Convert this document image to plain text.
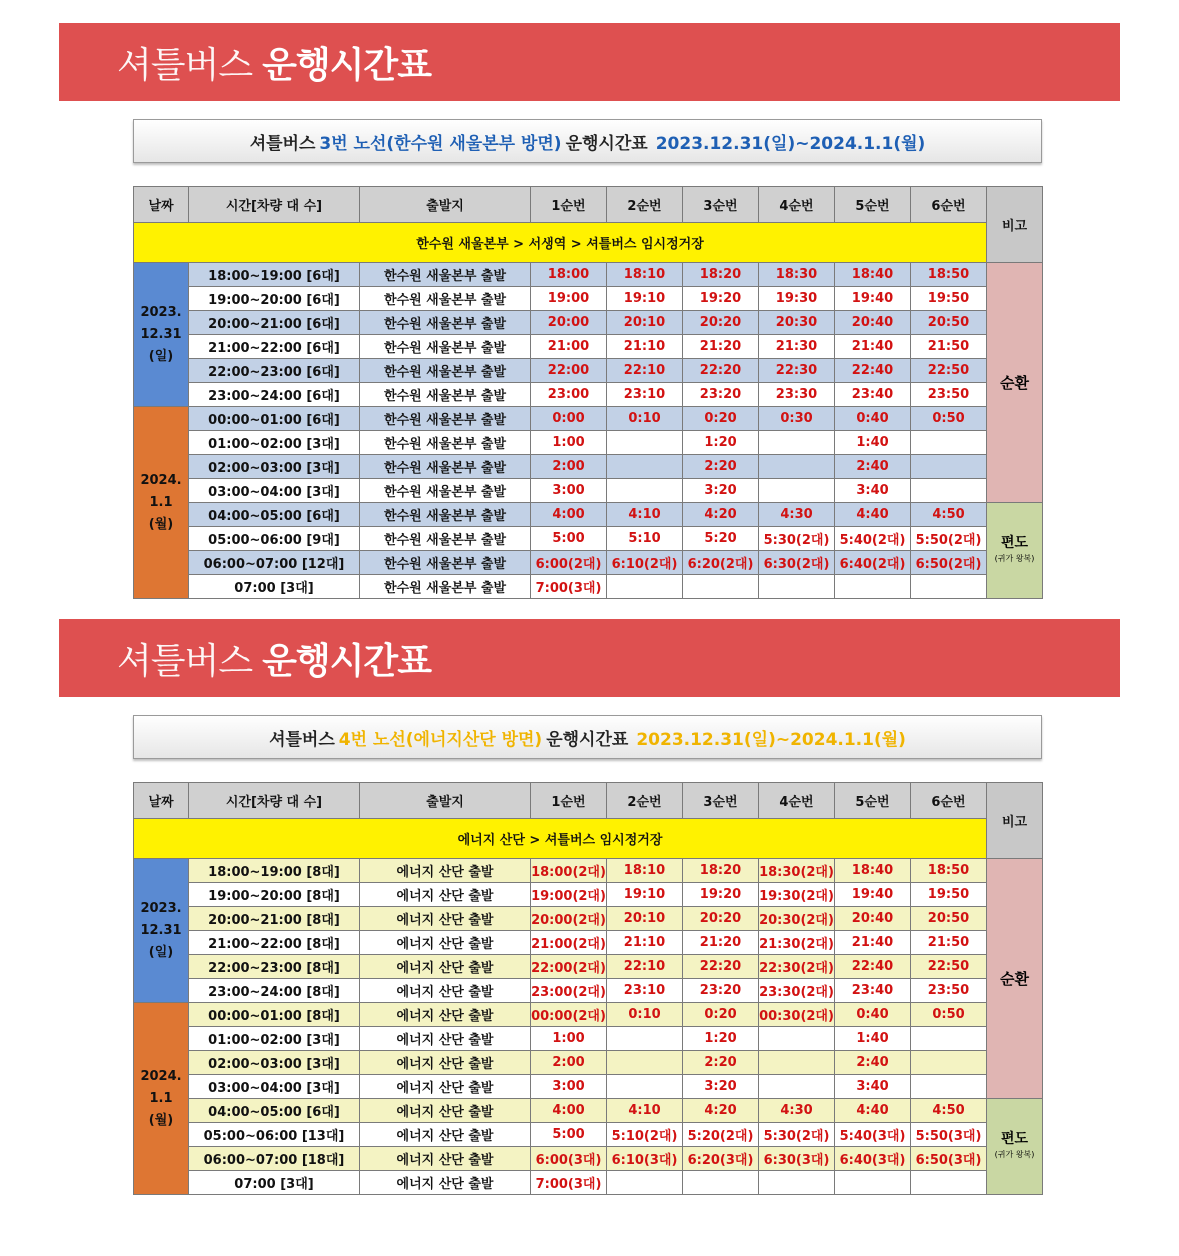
셔틀버스 운행시간표
셔틀버스 3번 노선(한수원 새울본부 방면) 운행시간표 2023.12.31(일)~2024.1.1(월)
날짜	시간[차량 대 수]	출발지	1순번	2순번	3순번	4순번	5순번	6순번	비고
한수원 새울본부 > 서생역 > 셔틀버스 임시정거장									
2023.
12.31
(일)	18:00~19:00 [6대]	한수원 새울본부 출발	18:00	18:10	18:20	18:30	18:40	18:50	순환
	19:00~20:00 [6대]	한수원 새울본부 출발	19:00	19:10	19:20	19:30	19:40	19:50	
	20:00~21:00 [6대]	한수원 새울본부 출발	20:00	20:10	20:20	20:30	20:40	20:50	
	21:00~22:00 [6대]	한수원 새울본부 출발	21:00	21:10	21:20	21:30	21:40	21:50	
	22:00~23:00 [6대]	한수원 새울본부 출발	22:00	22:10	22:20	22:30	22:40	22:50	
	23:00~24:00 [6대]	한수원 새울본부 출발	23:00	23:10	23:20	23:30	23:40	23:50	
2024.
1.1
(월)	00:00~01:00 [6대]	한수원 새울본부 출발	0:00	0:10	0:20	0:30	0:40	0:50	
	01:00~02:00 [3대]	한수원 새울본부 출발	1:00		1:20		1:40		
	02:00~03:00 [3대]	한수원 새울본부 출발	2:00		2:20		2:40		
	03:00~04:00 [3대]	한수원 새울본부 출발	3:00		3:20		3:40		
	04:00~05:00 [6대]	한수원 새울본부 출발	4:00	4:10	4:20	4:30	4:40	4:50	편도
(귀가 왕복)

	05:00~06:00 [9대]	한수원 새울본부 출발	5:00	5:10	5:20	5:30(2대)	5:40(2대)	5:50(2대)	
	06:00~07:00 [12대]	한수원 새울본부 출발	6:00(2대)	6:10(2대)	6:20(2대)	6:30(2대)	6:40(2대)	6:50(2대)	
	07:00 [3대]	한수원 새울본부 출발	7:00(3대)						
셔틀버스 운행시간표
셔틀버스 4번 노선(에너지산단 방면) 운행시간표 2023.12.31(일)~2024.1.1(월)
날짜	시간[차량 대 수]	출발지	1순번	2순번	3순번	4순번	5순번	6순번	비고
에너지 산단 > 셔틀버스 임시정거장									
2023.
12.31
(일)	18:00~19:00 [8대]	에너지 산단 출발	18:00(2대)	18:10	18:20	18:30(2대)	18:40	18:50	순환
	19:00~20:00 [8대]	에너지 산단 출발	19:00(2대)	19:10	19:20	19:30(2대)	19:40	19:50	
	20:00~21:00 [8대]	에너지 산단 출발	20:00(2대)	20:10	20:20	20:30(2대)	20:40	20:50	
	21:00~22:00 [8대]	에너지 산단 출발	21:00(2대)	21:10	21:20	21:30(2대)	21:40	21:50	
	22:00~23:00 [8대]	에너지 산단 출발	22:00(2대)	22:10	22:20	22:30(2대)	22:40	22:50	
	23:00~24:00 [8대]	에너지 산단 출발	23:00(2대)	23:10	23:20	23:30(2대)	23:40	23:50	
2024.
1.1
(월)	00:00~01:00 [8대]	에너지 산단 출발	00:00(2대)	0:10	0:20	00:30(2대)	0:40	0:50	
	01:00~02:00 [3대]	에너지 산단 출발	1:00		1:20		1:40		
	02:00~03:00 [3대]	에너지 산단 출발	2:00		2:20		2:40		
	03:00~04:00 [3대]	에너지 산단 출발	3:00		3:20		3:40		
	04:00~05:00 [6대]	에너지 산단 출발	4:00	4:10	4:20	4:30	4:40	4:50	편도
(귀가 왕복)

	05:00~06:00 [13대]	에너지 산단 출발	5:00	5:10(2대)	5:20(2대)	5:30(2대)	5:40(3대)	5:50(3대)	
	06:00~07:00 [18대]	에너지 산단 출발	6:00(3대)	6:10(3대)	6:20(3대)	6:30(3대)	6:40(3대)	6:50(3대)	
	07:00 [3대]	에너지 산단 출발	7:00(3대)						
